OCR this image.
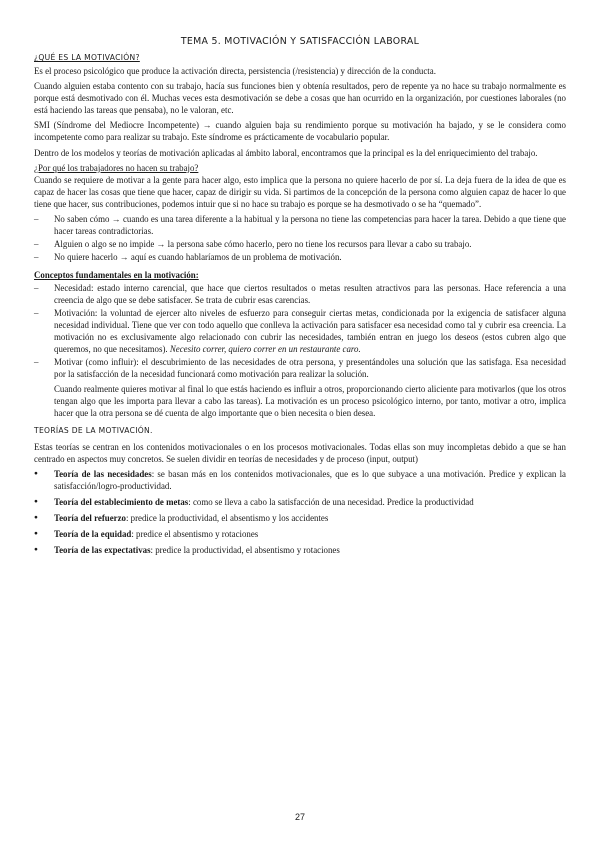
TEMA 5. MOTIVACIÓN Y SATISFACCIÓN LABORAL
¿QUÉ ES LA MOTIVACIÓN?

Es el proceso psicológico que produce la activación directa, persistencia (/resistencia) y dirección de la conducta.

Cuando alguien estaba contento con su trabajo, hacía sus funciones bien y obtenía resultados, pero de repente ya no hace su trabajo normalmente es porque está desmotivado con él. Muchas veces esta desmotivación se debe a cosas que han ocurrido en la organización, por cuestiones laborales (no está haciendo las tareas que pensaba), no le valoran, etc.

SMI (Síndrome del Mediocre Incompetente) → cuando alguien baja su rendimiento porque su motivación ha bajado, y se le considera como incompetente como para realizar su trabajo. Este síndrome es prácticamente de vocabulario popular.

Dentro de los modelos y teorías de motivación aplicadas al ámbito laboral, encontramos que la principal es la del enriquecimiento del trabajo.

¿Por qué los trabajadores no hacen su trabajo?

Cuando se requiere de motivar a la gente para hacer algo, esto implica que la persona no quiere hacerlo de por sí. La deja fuera de la idea de que es capaz de hacer las cosas que tiene que hacer, capaz de dirigir su vida. Si partimos de la concepción de la persona como alguien capaz de hacer lo que tiene que hacer, sus contribuciones, podemos intuir que si no hace su trabajo es porque se ha desmotivado o se ha “quemado”.

– No saben cómo → cuando es una tarea diferente a la habitual y la persona no tiene las competencias para hacer la tarea. Debido a que tiene que hacer tareas contradictorias.
– Alguien o algo se no impide → la persona sabe cómo hacerlo, pero no tiene los recursos para llevar a cabo su trabajo.
– No quiere hacerlo → aquí es cuando hablaríamos de un problema de motivación.

Conceptos fundamentales en la motivación:

– Necesidad: estado interno carencial, que hace que ciertos resultados o metas resulten atractivos para las personas. Hace referencia a una creencia de algo que se debe satisfacer. Se trata de cubrir esas carencias.
– Motivación: la voluntad de ejercer alto niveles de esfuerzo para conseguir ciertas metas, condicionada por la exigencia de satisfacer alguna necesidad individual. Tiene que ver con todo aquello que conlleva la activación para satisfacer esa necesidad como tal y cubrir esa creencia. La motivación no es exclusivamente algo relacionado con cubrir las necesidades, también entran en juego los deseos (estos cubren algo que queremos, no que necesitamos). Necesito correr, quiero correr en un restaurante caro.
– Motivar (como influir): el descubrimiento de las necesidades de otra persona, y presentándoles una solución que las satisfaga. Esa necesidad por la satisfacción de la necesidad funcionará como motivación para realizar la solución.

Cuando realmente quieres motivar al final lo que estás haciendo es influir a otros, proporcionando cierto aliciente para motivarlos (que los otros tengan algo que les importa para llevar a cabo las tareas). La motivación es un proceso psicológico interno, por tanto, motivar a otro, implica hacer que la otra persona se dé cuenta de algo importante que o bien necesita o bien desea.

TEORÍAS DE LA MOTIVACIÓN.

Estas teorías se centran en los contenidos motivacionales o en los procesos motivacionales. Todas ellas son muy incompletas debido a que se han centrado en aspectos muy concretos. Se suelen dividir en teorías de necesidades y de proceso (input, output)

● Teoría de las necesidades: se basan más en los contenidos motivacionales, que es lo que subyace a una motivación. Predice y explican la satisfacción/logro-productividad.
● Teoría del establecimiento de metas: como se lleva a cabo la satisfacción de una necesidad. Predice la productividad
● Teoría del refuerzo: predice la productividad, el absentismo y los accidentes
● Teoría de la equidad: predice el absentismo y rotaciones
● Teoría de las expectativas: predice la productividad, el absentismo y rotaciones
27
